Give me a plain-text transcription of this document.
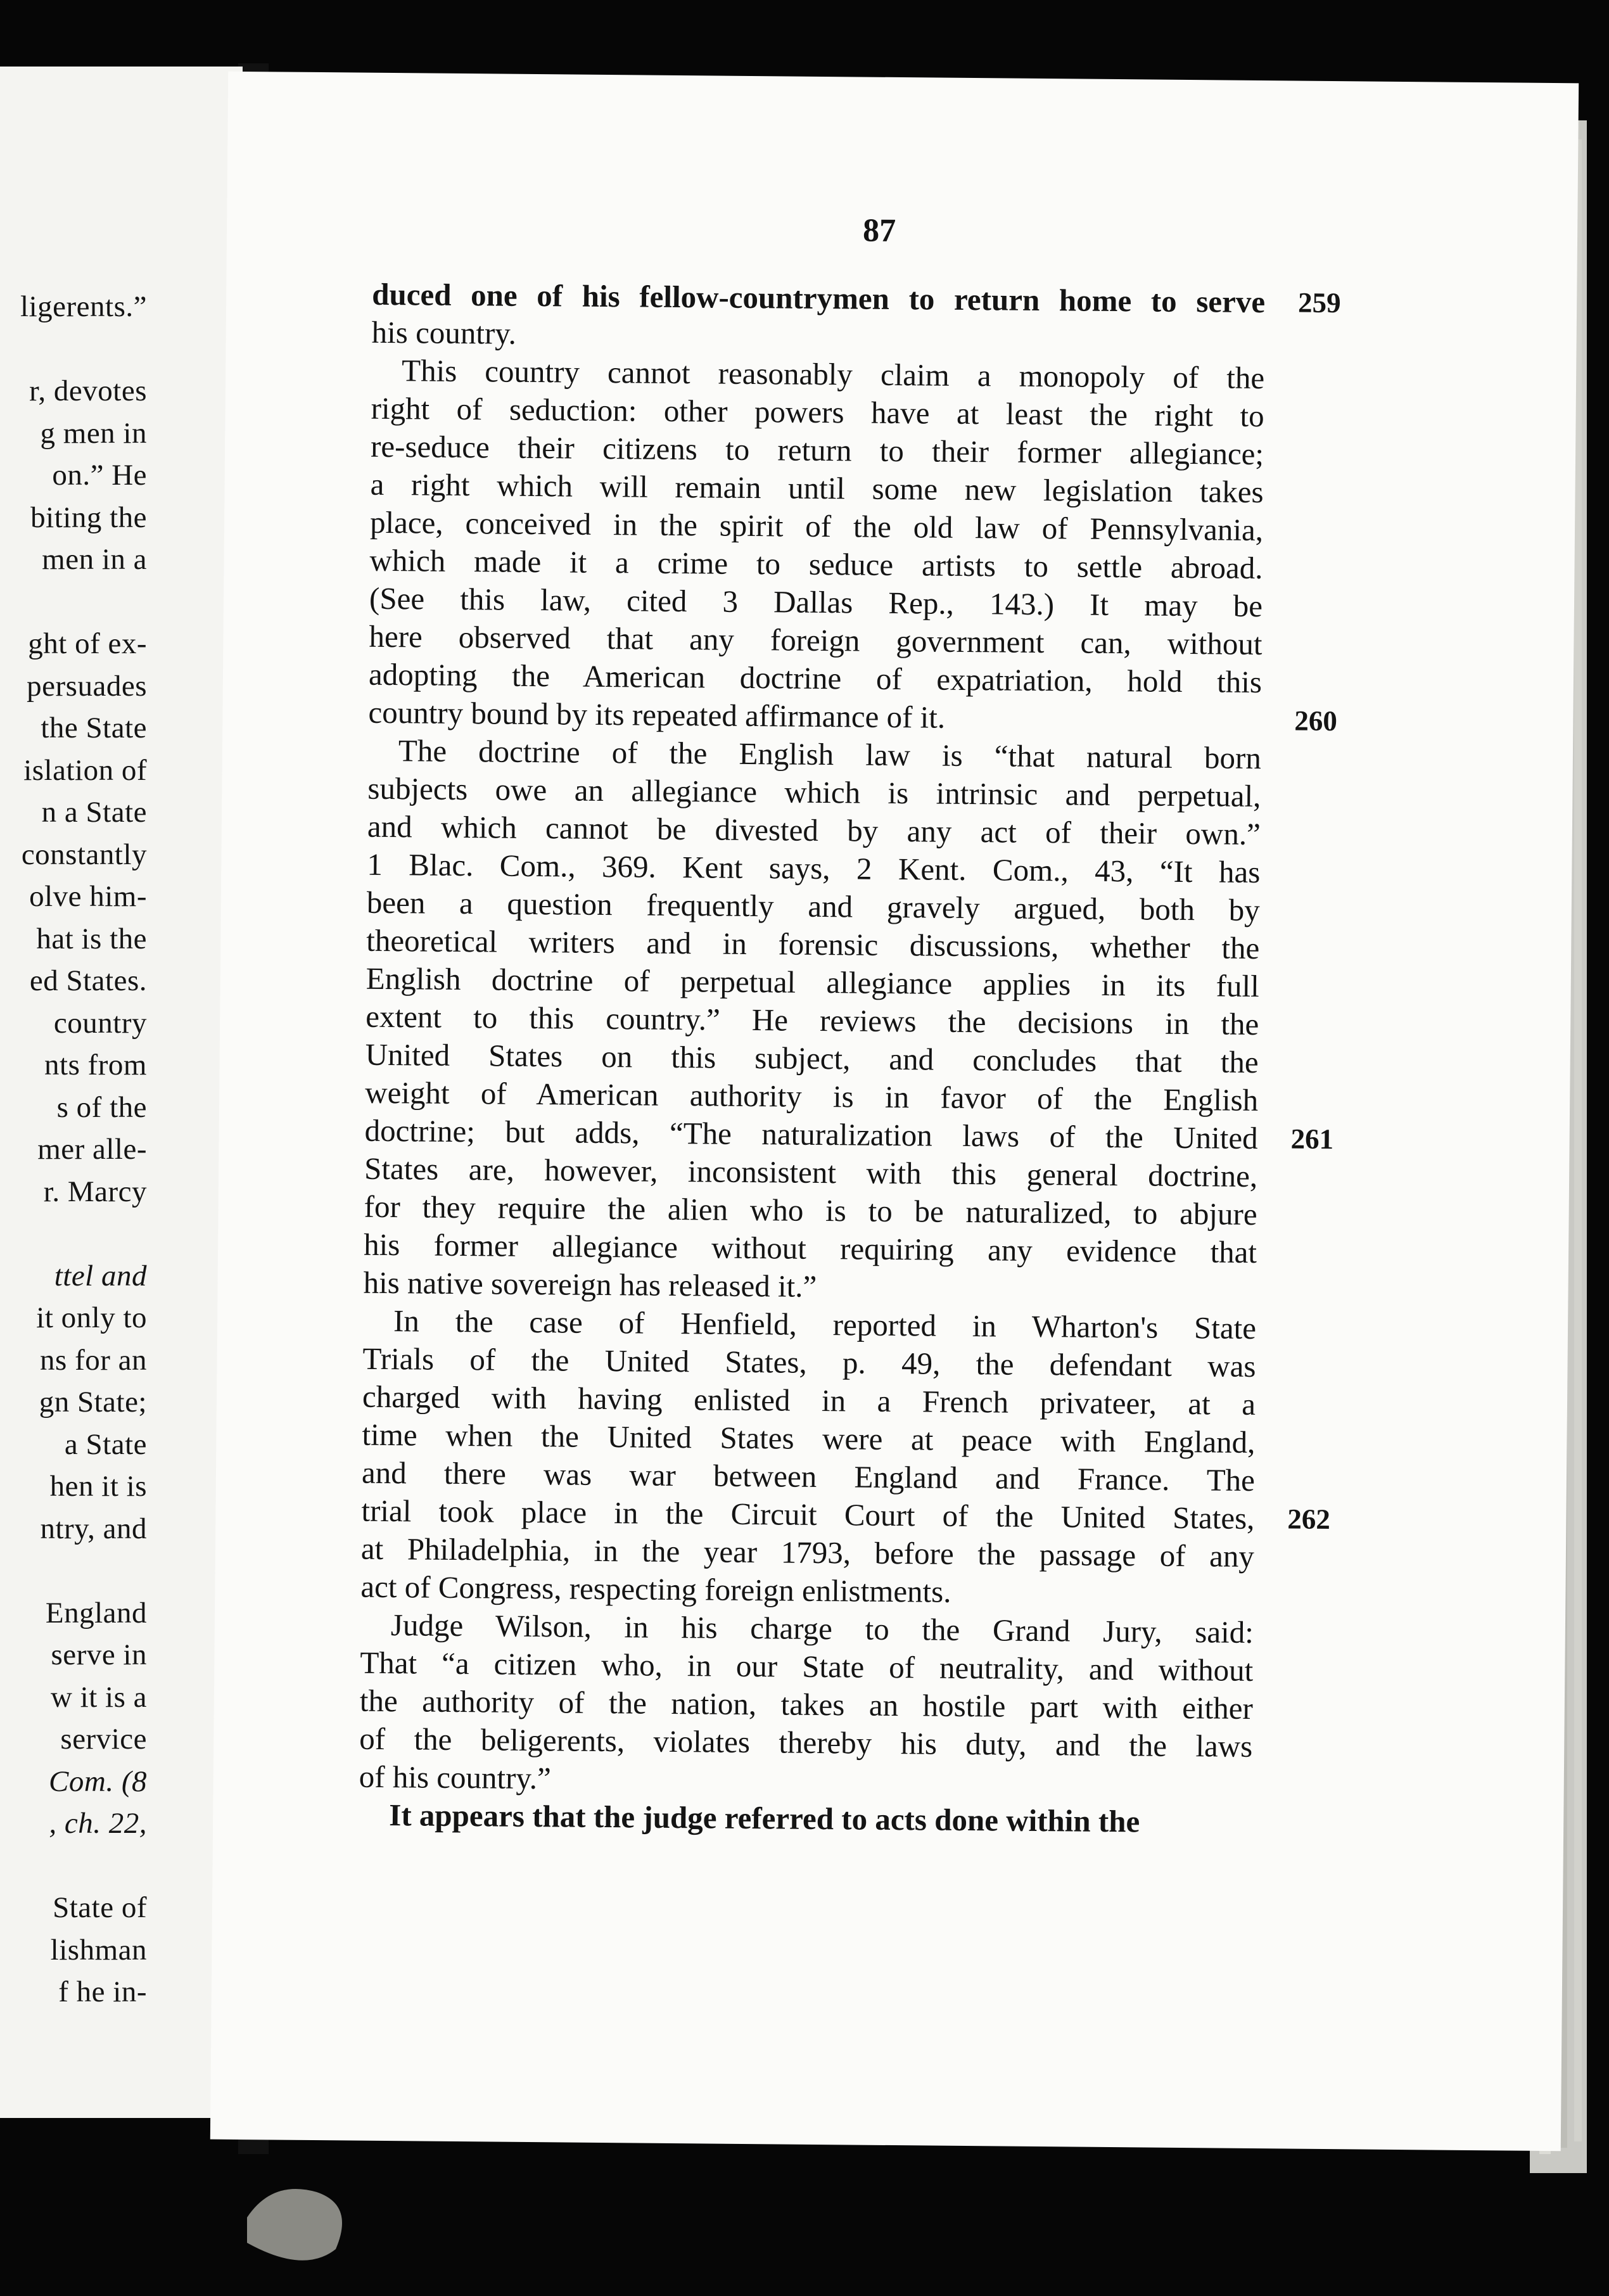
ligerents.”
r, devotes
g men in
on.” He
biting the
men in a
ght of ex-
persuades
the State
islation of
n a State
constantly
olve him-
hat is the
ed States.
country
nts from
s of the
mer alle-
r. Marcy
ttel and
it only to
ns for an
gn State;
a State
hen it is
ntry, and
England
serve in
w it is a
service
Com. (8
, ch. 22,
State of
lishman
f he in-
87
duced one of his fellow-countrymen to return home to serve
his country.
This country cannot reasonably claim a monopoly of the
right of seduction: other powers have at least the right to
re-seduce their citizens to return to their former allegiance;
a right which will remain until some new legislation takes
place, conceived in the spirit of the old law of Pennsylvania,
which made it a crime to seduce artists to settle abroad.
(See this law, cited 3 Dallas Rep., 143.) It may be
here observed that any foreign government can, without
adopting the American doctrine of expatriation, hold this
country bound by its repeated affirmance of it.
The doctrine of the English law is “that natural born
subjects owe an allegiance which is intrinsic and perpetual,
and which cannot be divested by any act of their own.”
1 Blac. Com., 369. Kent says, 2 Kent. Com., 43, “It has
been a question frequently and gravely argued, both by
theoretical writers and in forensic discussions, whether the
English doctrine of perpetual allegiance applies in its full
extent to this country.” He reviews the decisions in the
United States on this subject, and concludes that the
weight of American authority is in favor of the English
doctrine; but adds, “The naturalization laws of the United
States are, however, inconsistent with this general doctrine,
for they require the alien who is to be naturalized, to abjure
his former allegiance without requiring any evidence that
his native sovereign has released it.”
In the case of Henfield, reported in Wharton's State
Trials of the United States, p. 49, the defendant was
charged with having enlisted in a French privateer, at a
time when the United States were at peace with England,
and there was war between England and France. The
trial took place in the Circuit Court of the United States,
at Philadelphia, in the year 1793, before the passage of any
act of Congress, respecting foreign enlistments.
Judge Wilson, in his charge to the Grand Jury, said:
That “a citizen who, in our State of neutrality, and without
the authority of the nation, takes an hostile part with either
of the beligerents, violates thereby his duty, and the laws
of his country.”
It appears that the judge referred to acts done within the
259
260
261
262
